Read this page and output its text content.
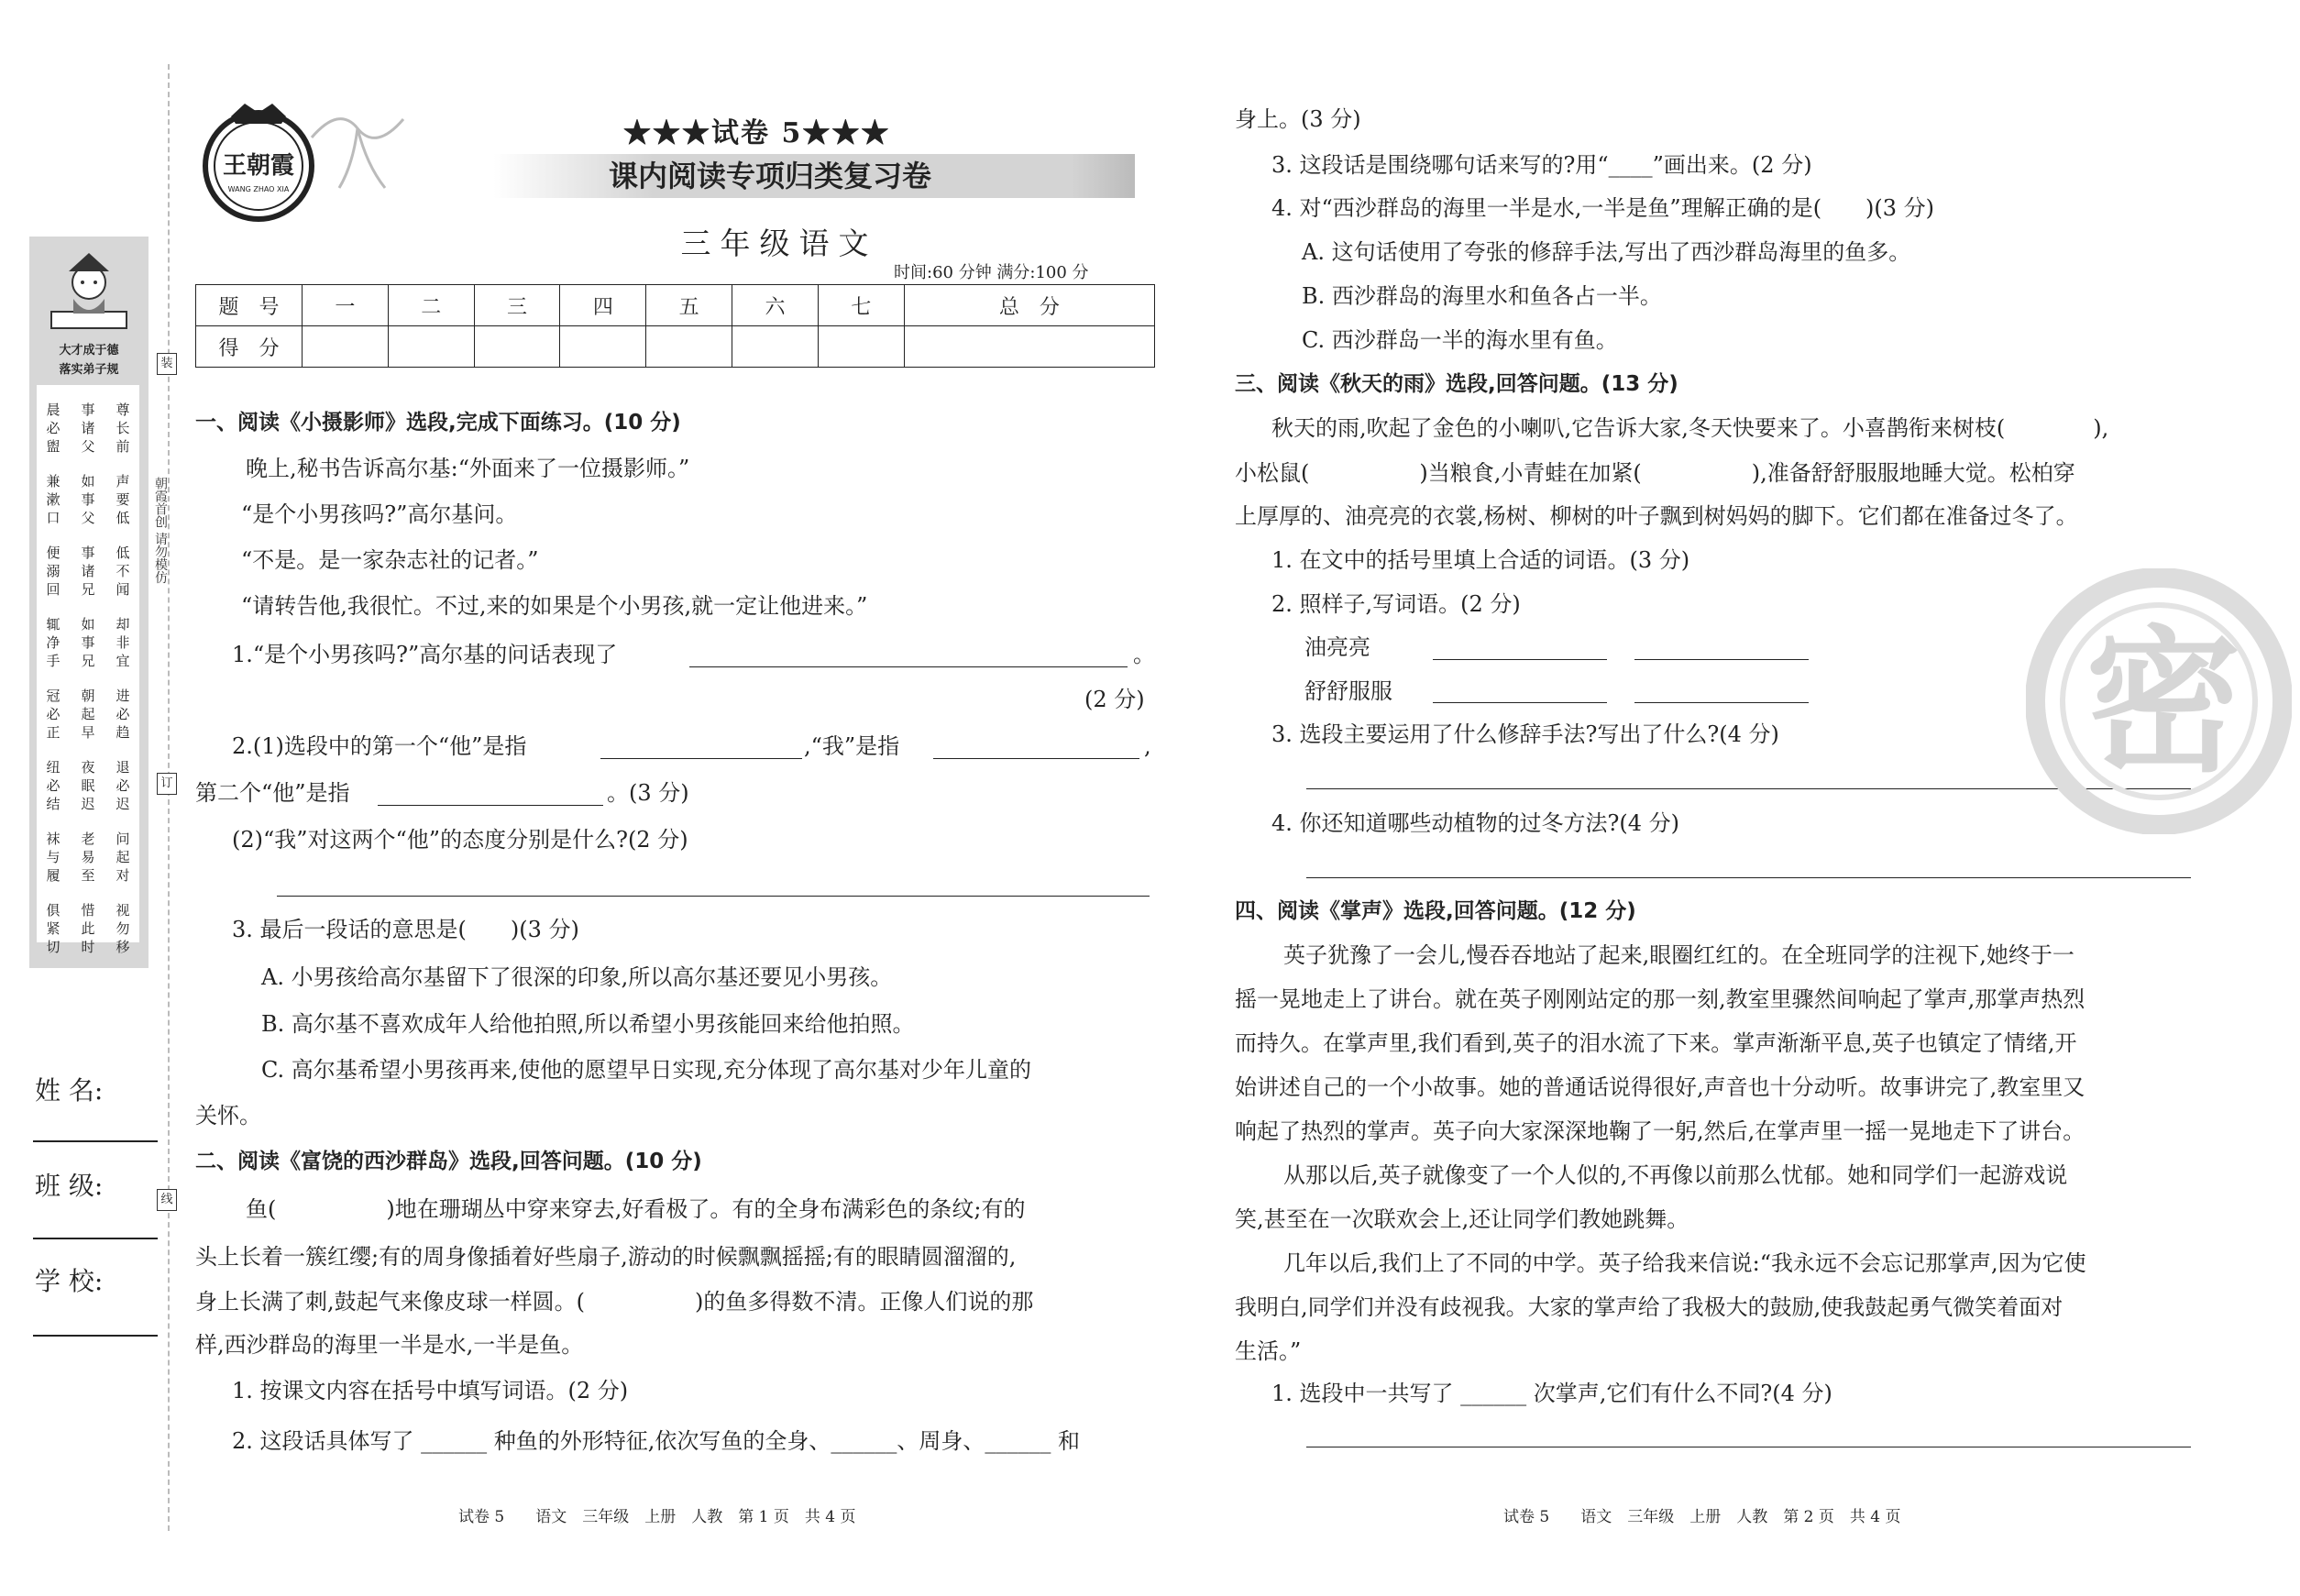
大才成于德
落实弟子规
晨	事	尊
必	诸	长
盥	父	前
兼	如	声
漱	事	要
口	父	低
便	事	低
溺	诸	不
回	兄	闻
辄	如	却
净	事	非
手	兄	宜
冠	朝	进
必	起	必
正	早	趋
纽	夜	退
必	眠	必
结	迟	迟
袜	老	问
与	易	起
履	至	对
俱	惜	视
紧	此	勿
切	时	移
装
订
线
朝霞首创 请勿模仿
姓 名:
班 级:
学 校:
王朝霞
WANG ZHAO XIA
★★★试卷 5★★★
课内阅读专项归类复习卷
三年级语文
时间:60 分钟 满分:100 分
题　号	一	二	三	四	五	六	七	总　分
得　分								
一、阅读《小摄影师》选段,完成下面练习。(10 分)
晚上,秘书告诉高尔基:“外面来了一位摄影师。”
“是个小男孩吗?”高尔基问。
“不是。是一家杂志社的记者。”
“请转告他,我很忙。不过,来的如果是个小男孩,就一定让他进来。”
1.“是个小男孩吗?”高尔基的问话表现了	。
(2 分)
2.(1)选段中的第一个“他”是指	,“我”是指	,
第二个“他”是指	。(3 分)
(2)“我”对这两个“他”的态度分别是什么?(2 分)
3. 最后一段话的意思是(　　)(3 分)
A. 小男孩给高尔基留下了很深的印象,所以高尔基还要见小男孩。
B. 高尔基不喜欢成年人给他拍照,所以希望小男孩能回来给他拍照。
C. 高尔基希望小男孩再来,使他的愿望早日实现,充分体现了高尔基对少年儿童的
关怀。
二、阅读《富饶的西沙群岛》选段,回答问题。(10 分)
鱼(　　　　　)地在珊瑚丛中穿来穿去,好看极了。有的全身布满彩色的条纹;有的
头上长着一簇红缨;有的周身像插着好些扇子,游动的时候飘飘摇摇;有的眼睛圆溜溜的,
身上长满了刺,鼓起气来像皮球一样圆。(　　　　　)的鱼多得数不清。正像人们说的那
样,西沙群岛的海里一半是水,一半是鱼。
1. 按课文内容在括号中填写词语。(2 分)
2. 这段话具体写了 ______ 种鱼的外形特征,依次写鱼的全身、______、周身、______ 和
身上。(3 分)
3. 这段话是围绕哪句话来写的?用“____”画出来。(2 分)
4. 对“西沙群岛的海里一半是水,一半是鱼”理解正确的是(　　)(3 分)
A. 这句话使用了夸张的修辞手法,写出了西沙群岛海里的鱼多。
B. 西沙群岛的海里水和鱼各占一半。
C. 西沙群岛一半的海水里有鱼。
三、阅读《秋天的雨》选段,回答问题。(13 分)
秋天的雨,吹起了金色的小喇叭,它告诉大家,冬天快要来了。小喜鹊衔来树枝(　　　　),
小松鼠(　　　　　)当粮食,小青蛙在加紧(　　　　　),准备舒舒服服地睡大觉。松柏穿
上厚厚的、油亮亮的衣裳,杨树、柳树的叶子飘到树妈妈的脚下。它们都在准备过冬了。
1. 在文中的括号里填上合适的词语。(3 分)
2. 照样子,写词语。(2 分)
油亮亮
舒舒服服
3. 选段主要运用了什么修辞手法?写出了什么?(4 分)
4. 你还知道哪些动植物的过冬方法?(4 分)
四、阅读《掌声》选段,回答问题。(12 分)
英子犹豫了一会儿,慢吞吞地站了起来,眼圈红红的。在全班同学的注视下,她终于一
摇一晃地走上了讲台。就在英子刚刚站定的那一刻,教室里骤然间响起了掌声,那掌声热烈
而持久。在掌声里,我们看到,英子的泪水流了下来。掌声渐渐平息,英子也镇定了情绪,开
始讲述自己的一个小故事。她的普通话说得很好,声音也十分动听。故事讲完了,教室里又
响起了热烈的掌声。英子向大家深深地鞠了一躬,然后,在掌声里一摇一晃地走下了讲台。
从那以后,英子就像变了一个人似的,不再像以前那么忧郁。她和同学们一起游戏说
笑,甚至在一次联欢会上,还让同学们教她跳舞。
几年以后,我们上了不同的中学。英子给我来信说:“我永远不会忘记那掌声,因为它使
我明白,同学们并没有歧视我。大家的掌声给了我极大的鼓励,使我鼓起勇气微笑着面对
生活。”
1. 选段中一共写了 ______ 次掌声,它们有什么不同?(4 分)
密
试卷 5　　语文　三年级　上册　人教　第 1 页　共 4 页	试卷 5　　语文　三年级　上册　人教　第 2 页　共 4 页
